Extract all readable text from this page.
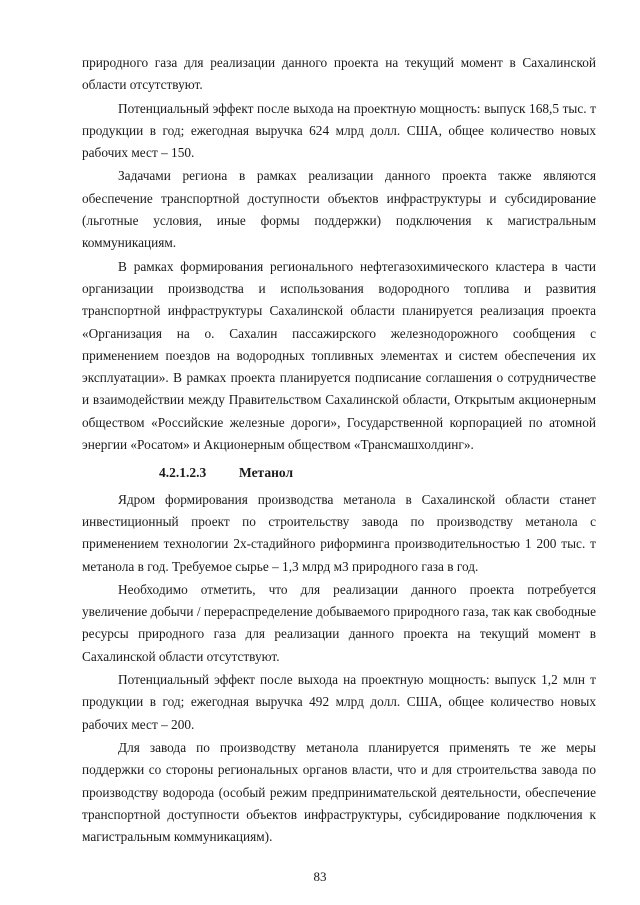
природного газа для реализации данного проекта на текущий момент в Сахалинской области отсутствуют.

Потенциальный эффект после выхода на проектную мощность: выпуск 168,5 тыс. т продукции в год; ежегодная выручка 624 млрд долл. США, общее количество новых рабочих мест – 150.

Задачами региона в рамках реализации данного проекта также являются обеспечение транспортной доступности объектов инфраструктуры и субсидирование (льготные условия, иные формы поддержки) подключения к магистральным коммуникациям.

В рамках формирования регионального нефтегазохимического кластера в части организации производства и использования водородного топлива и развития транспортной инфраструктуры Сахалинской области планируется реализация проекта «Организация на о. Сахалин пассажирского железнодорожного сообщения с применением поездов на водородных топливных элементах и систем обеспечения их эксплуатации». В рамках проекта планируется подписание соглашения о сотрудничестве и взаимодействии между Правительством Сахалинской области, Открытым акционерным обществом «Российские железные дороги», Государственной корпорацией по атомной энергии «Росатом» и Акционерным обществом «Трансмашхолдинг».

4.2.1.2.3 Метанол

Ядром формирования производства метанола в Сахалинской области станет инвестиционный проект по строительству завода по производству метанола с применением технологии 2х-стадийного риформинга производительностью 1 200 тыс. т метанола в год. Требуемое сырье – 1,3 млрд м3 природного газа в год.

Необходимо отметить, что для реализации данного проекта потребуется увеличение добычи / перераспределение добываемого природного газа, так как свободные ресурсы природного газа для реализации данного проекта на текущий момент в Сахалинской области отсутствуют.

Потенциальный эффект после выхода на проектную мощность: выпуск 1,2 млн т продукции в год; ежегодная выручка 492 млрд долл. США, общее количество новых рабочих мест – 200.

Для завода по производству метанола планируется применять те же меры поддержки со стороны региональных органов власти, что и для строительства завода по производству водорода (особый режим предпринимательской деятельности, обеспечение транспортной доступности объектов инфраструктуры, субсидирование подключения к магистральным коммуникациям).

83
